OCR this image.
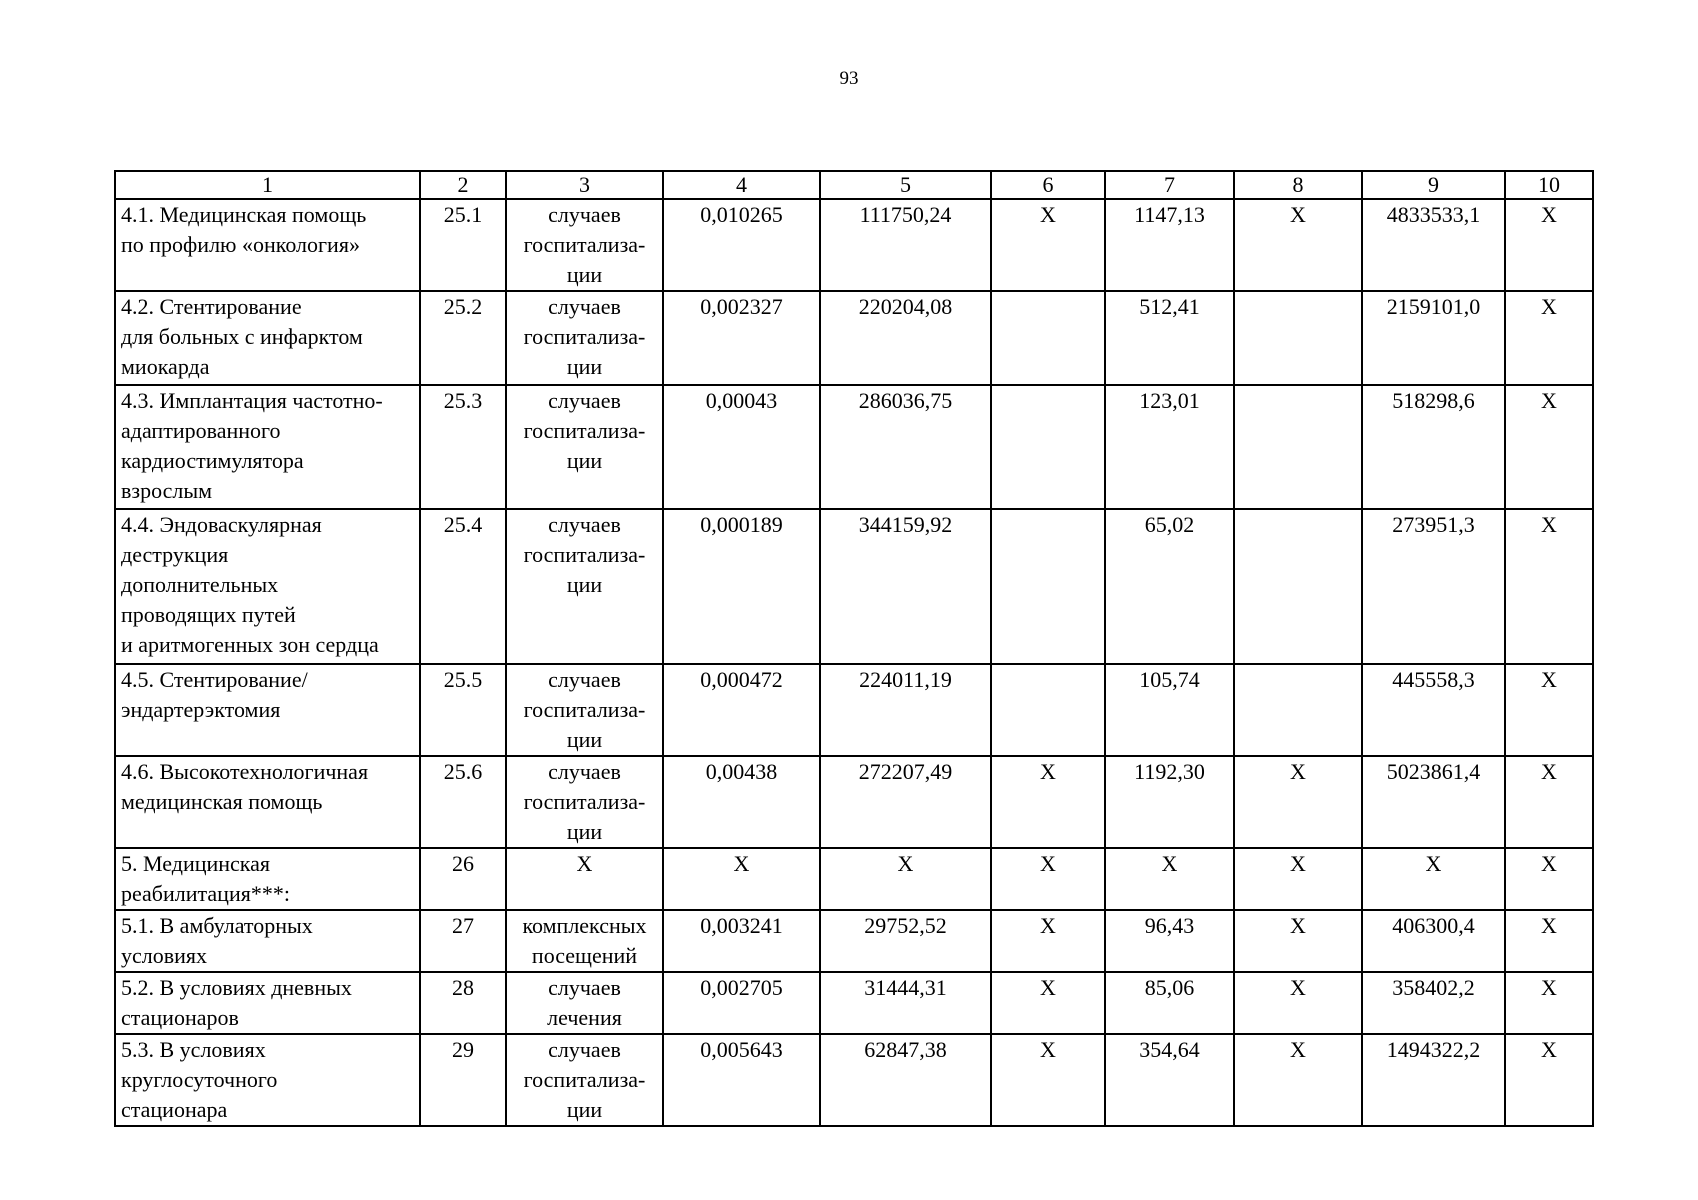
93
1	2	3	4	5	6	7	8	9	10

4.1. Медицинская помощь
по профилю «онкология»	25.1	случаев
госпитализа-
ции	0,010265	111750,24	X	1147,13	X	4833533,1	X

4.2. Стентирование
для больных с инфарктом
миокарда	25.2	случаев
госпитализа-
ции	0,002327	220204,08		512,41		2159101,0	X

4.3. Имплантация частотно-
адаптированного
кардиостимулятора
взрослым	25.3	случаев
госпитализа-
ции	0,00043	286036,75		123,01		518298,6	X

4.4. Эндоваскулярная
деструкция
дополнительных
проводящих путей
и аритмогенных зон сердца	25.4	случаев
госпитализа-
ции	0,000189	344159,92		65,02		273951,3	X

4.5. Стентирование/
эндартерэктомия	25.5	случаев
госпитализа-
ции	0,000472	224011,19		105,74		445558,3	X

4.6. Высокотехнологичная
медицинская помощь	25.6	случаев
госпитализа-
ции	0,00438	272207,49	X	1192,30	X	5023861,4	X

5. Медицинская
реабилитация***:	26	X	X	X	X	X	X	X	X

5.1. В амбулаторных
условиях	27	комплексных
посещений	0,003241	29752,52	X	96,43	X	406300,4	X

5.2. В условиях дневных
стационаров	28	случаев
лечения	0,002705	31444,31	X	85,06	X	358402,2	X

5.3. В условиях
круглосуточного
стационара	29	случаев
госпитализа-
ции	0,005643	62847,38	X	354,64	X	1494322,2	X
